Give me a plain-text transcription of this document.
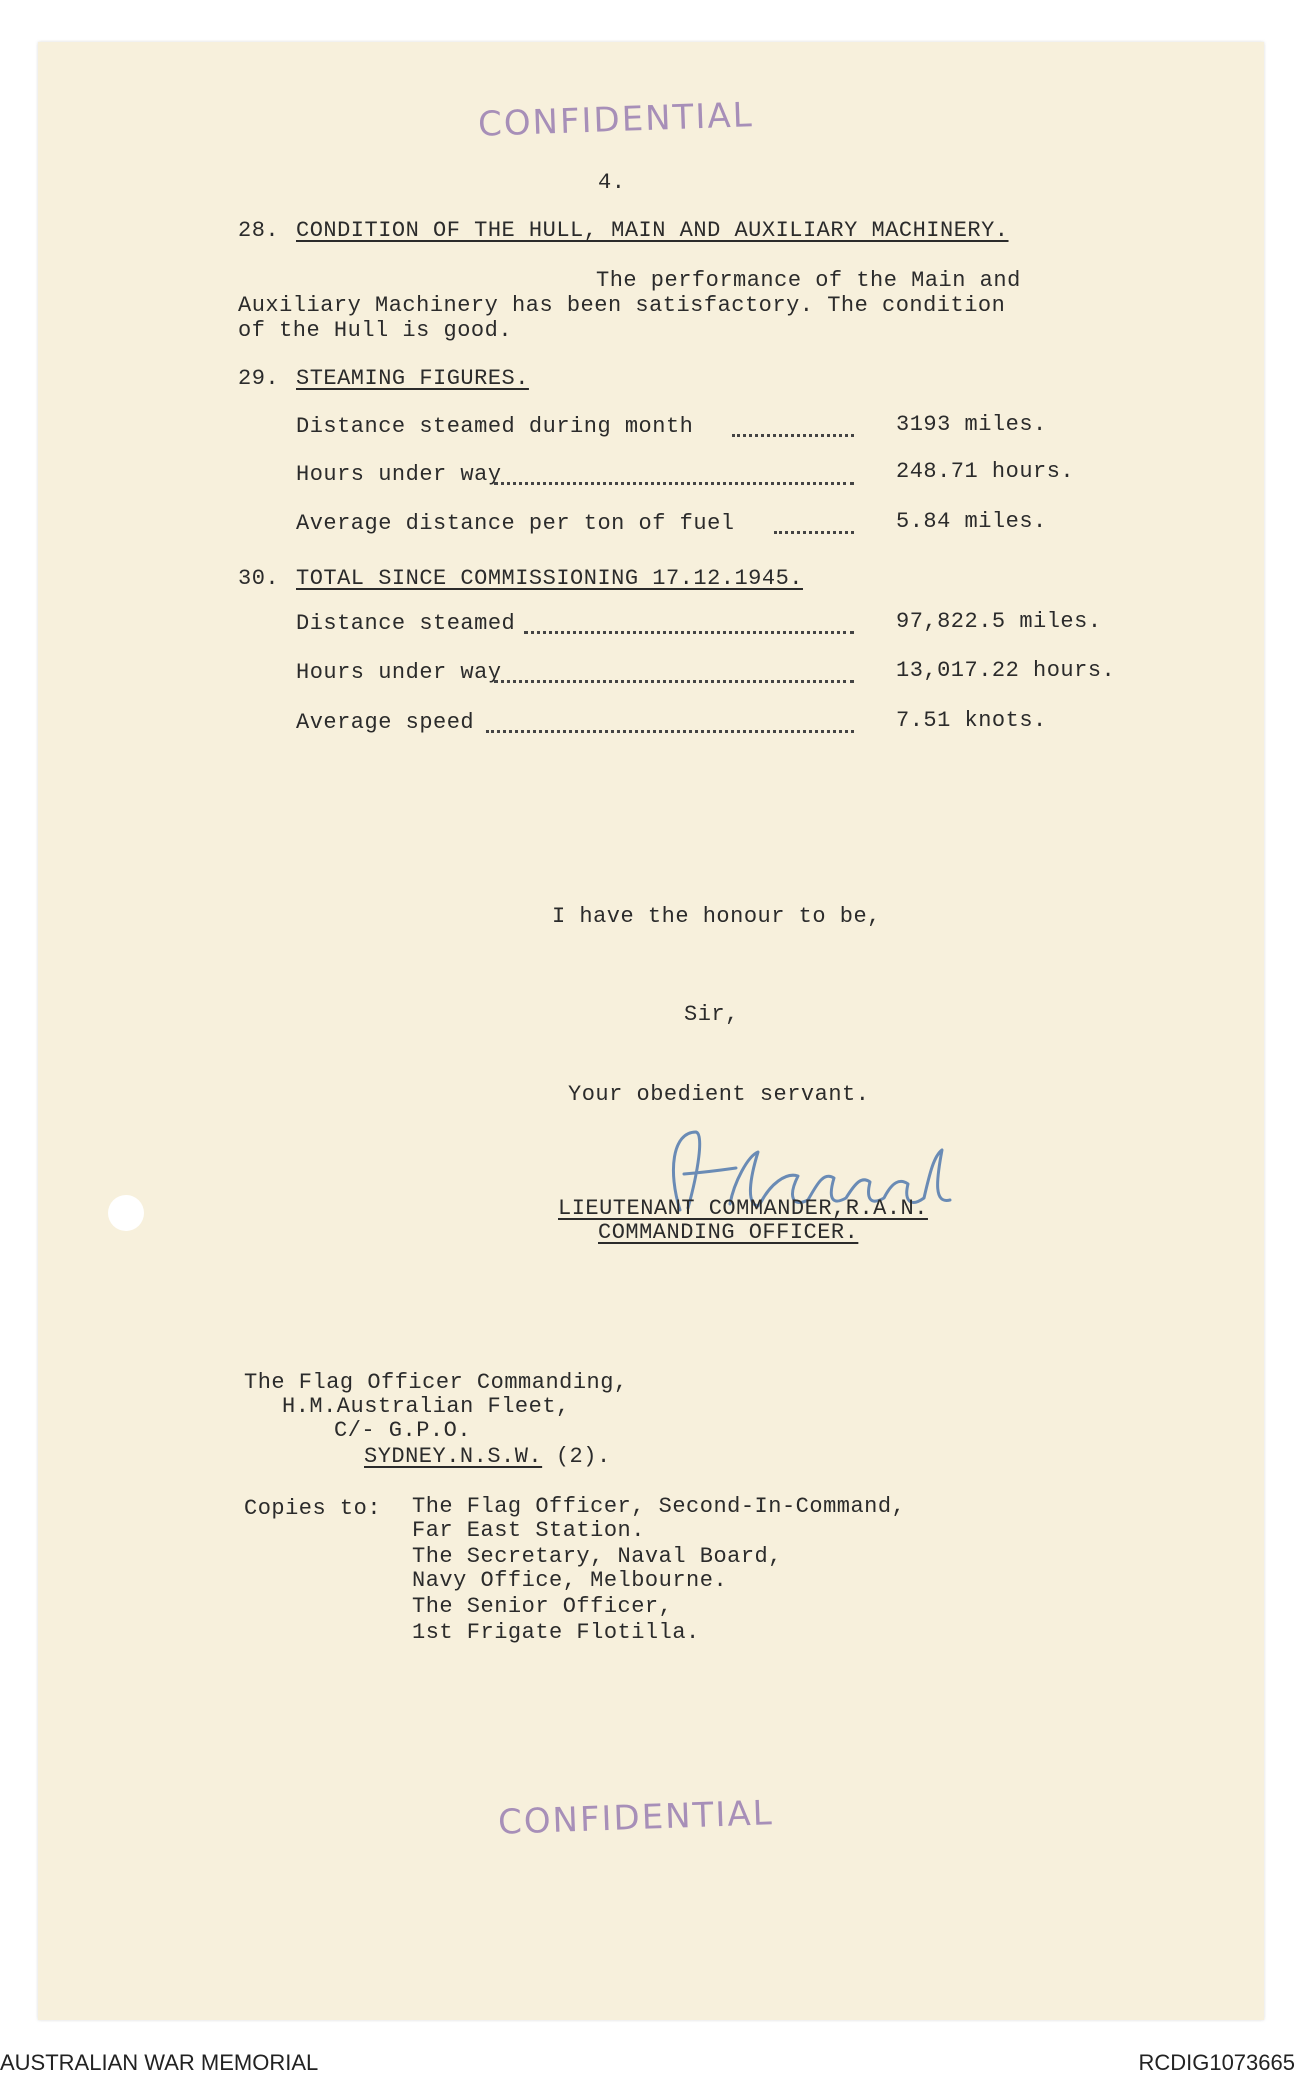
CONFIDENTIAL
4.
28. CONDITION OF THE HULL, MAIN AND AUXILIARY MACHINERY.
The performance of the Main and
Auxiliary Machinery has been satisfactory. The condition
of the Hull is good.
29. STEAMING FIGURES.
Distance steamed during month	3193 miles.
Hours under way	248.71 hours.
Average distance per ton of fuel	5.84 miles.
30. TOTAL SINCE COMMISSIONING 17.12.1945.
Distance steamed	97,822.5 miles.
Hours under way	13,017.22 hours.
Average speed	7.51 knots.
I have the honour to be,
Sir,
Your obedient servant.
LIEUTENANT COMMANDER,R.A.N.
COMMANDING OFFICER.
The Flag Officer Commanding,
H.M.Australian Fleet,
C/- G.P.O.
SYDNEY.N.S.W. (2).
Copies to: The Flag Officer, Second-In-Command,
Far East Station.
The Secretary, Naval Board,
Navy Office, Melbourne.
The Senior Officer,
1st Frigate Flotilla.
CONFIDENTIAL
AUSTRALIAN WAR MEMORIAL	RCDIG1073665
